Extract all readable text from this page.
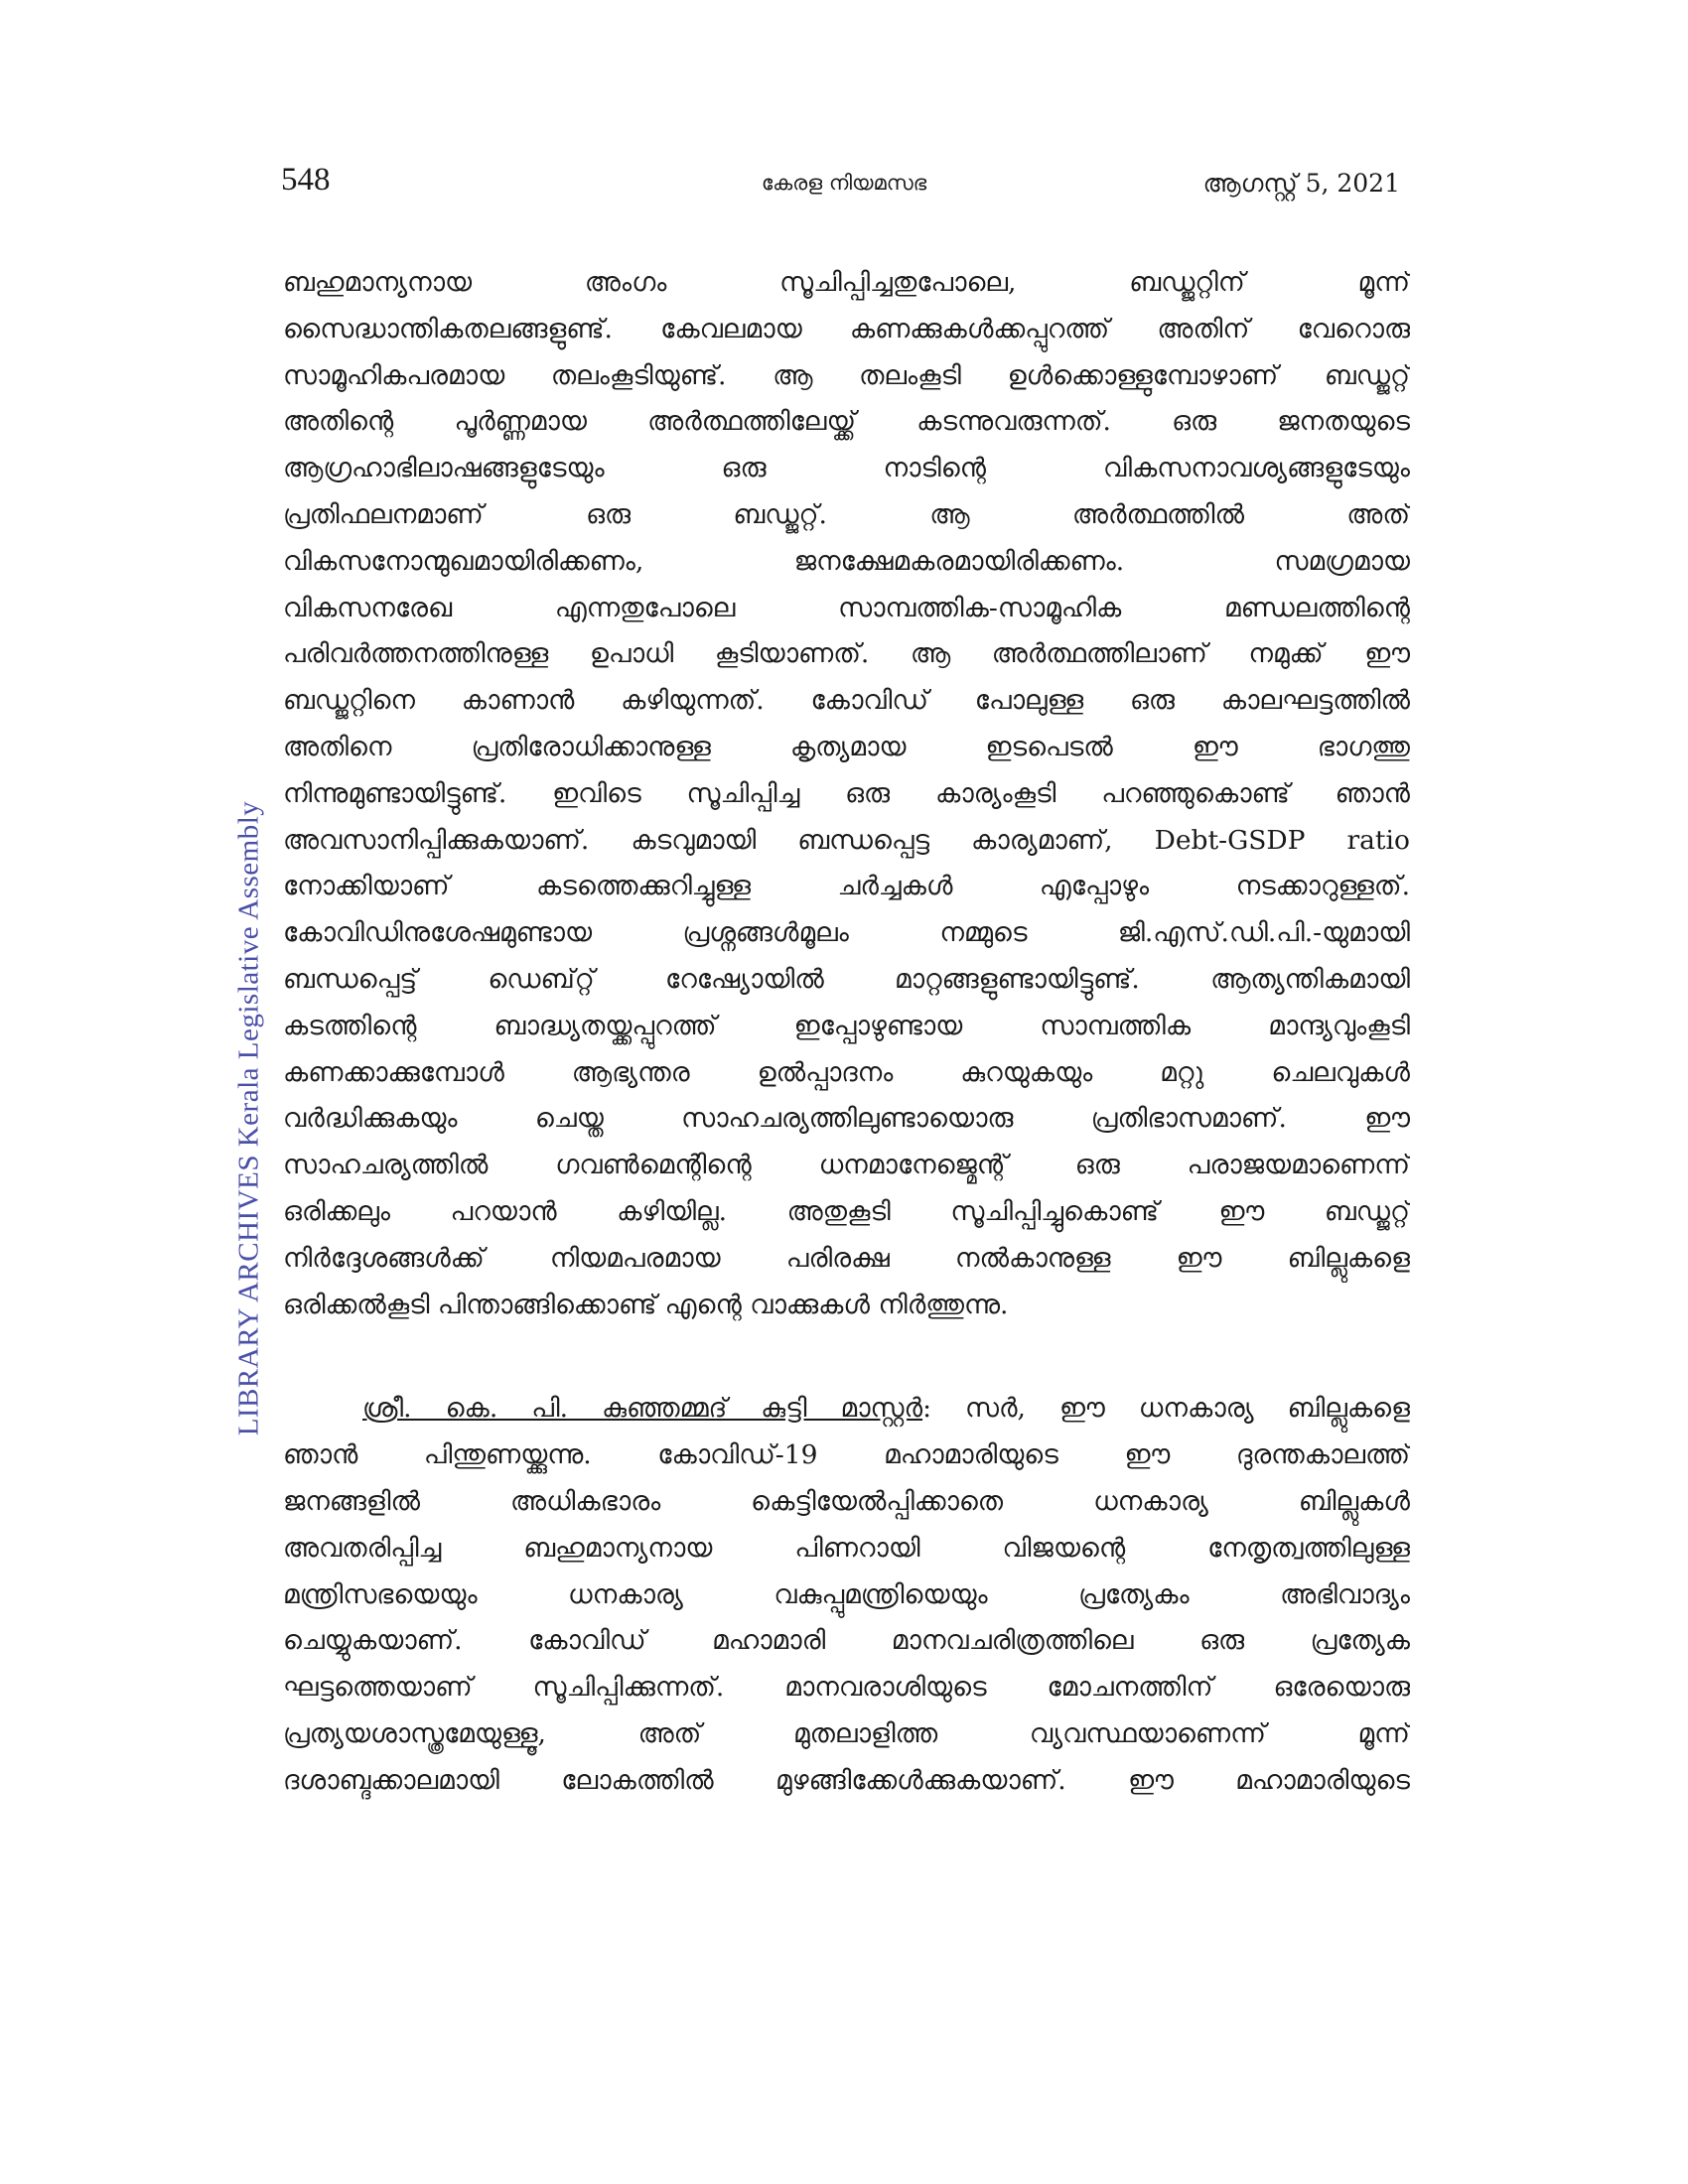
548	കേരള നിയമസഭ	ആഗസ്റ്റ് 5, 2021
LIBRARY ARCHIVES Kerala Legislative Assembly

ബഹുമാന്യനായ അംഗം സൂചിപ്പിച്ചതുപോലെ, ബഡ്ജറ്റിന് മൂന്ന്

സൈദ്ധാന്തികതലങ്ങളുണ്ട്. കേവലമായ കണക്കുകൾക്കപ്പുറത്ത് അതിന് വേറൊരു

സാമൂഹികപരമായ തലംകൂടിയുണ്ട്. ആ തലംകൂടി ഉൾക്കൊള്ളുമ്പോഴാണ് ബഡ്ജറ്റ്

അതിന്റെ പൂർണ്ണമായ അർത്ഥത്തിലേയ്ക്ക് കടന്നുവരുന്നത്. ഒരു ജനതയുടെ

ആഗ്രഹാഭിലാഷങ്ങളുടേയും ഒരു നാടിന്റെ വികസനാവശ്യങ്ങളുടേയും

പ്രതിഫലനമാണ് ഒരു ബഡ്ജറ്റ്. ആ അർത്ഥത്തിൽ അത്

വികസനോന്മുഖമായിരിക്കണം, ജനക്ഷേമകരമായിരിക്കണം. സമഗ്രമായ

വികസനരേഖ എന്നതുപോലെ സാമ്പത്തിക-സാമൂഹിക മണ്ഡലത്തിന്റെ

പരിവർത്തനത്തിനുള്ള ഉപാധി കൂടിയാണത്. ആ അർത്ഥത്തിലാണ് നമുക്ക് ഈ

ബഡ്ജറ്റിനെ കാണാൻ കഴിയുന്നത്. കോവിഡ് പോലുള്ള ഒരു കാലഘട്ടത്തിൽ

അതിനെ പ്രതിരോധിക്കാനുള്ള കൃത്യമായ ഇടപെടൽ ഈ ഭാഗത്തു

നിന്നുമുണ്ടായിട്ടുണ്ട്. ഇവിടെ സൂചിപ്പിച്ച ഒരു കാര്യംകൂടി പറഞ്ഞുകൊണ്ട് ഞാൻ

അവസാനിപ്പിക്കുകയാണ്. കടവുമായി ബന്ധപ്പെട്ട കാര്യമാണ്, Debt-GSDP ratio

നോക്കിയാണ് കടത്തെക്കുറിച്ചുള്ള ചർച്ചകൾ എപ്പോഴും നടക്കാറുള്ളത്.

കോവിഡിനുശേഷമുണ്ടായ പ്രശ്നങ്ങൾമൂലം നമ്മുടെ ജി.എസ്.ഡി.പി.-യുമായി

ബന്ധപ്പെട്ട് ഡെബ്റ്റ് റേഷ്യോയിൽ മാറ്റങ്ങളുണ്ടായിട്ടുണ്ട്. ആത്യന്തികമായി

കടത്തിന്റെ ബാദ്ധ്യതയ്ക്കപ്പുറത്ത് ഇപ്പോഴുണ്ടായ സാമ്പത്തിക മാന്ദ്യവുംകൂടി

കണക്കാക്കുമ്പോൾ ആഭ്യന്തര ഉൽപ്പാദനം കുറയുകയും മറ്റു ചെലവുകൾ

വർദ്ധിക്കുകയും ചെയ്ത സാഹചര്യത്തിലുണ്ടായൊരു പ്രതിഭാസമാണ്. ഈ

സാഹചര്യത്തിൽ ഗവൺമെന്റിന്റെ ധനമാനേജ്മെന്റ് ഒരു പരാജയമാണെന്ന്

ഒരിക്കലും പറയാൻ കഴിയില്ല. അതുകൂടി സൂചിപ്പിച്ചുകൊണ്ട് ഈ ബഡ്ജറ്റ്

നിർദ്ദേശങ്ങൾക്ക് നിയമപരമായ പരിരക്ഷ നൽകാനുള്ള ഈ ബില്ലുകളെ

ഒരിക്കൽകൂടി പിന്താങ്ങിക്കൊണ്ട് എന്റെ വാക്കുകൾ നിർത്തുന്നു.

ശ്രീ. കെ. പി. കുഞ്ഞമ്മദ് കുട്ടി മാസ്റ്റർ: സർ, ഈ ധനകാര്യ ബില്ലുകളെ

ഞാൻ പിന്തുണയ്ക്കുന്നു. കോവിഡ്-19 മഹാമാരിയുടെ ഈ ദുരന്തകാലത്ത്

ജനങ്ങളിൽ അധികഭാരം കെട്ടിയേൽപ്പിക്കാതെ ധനകാര്യ ബില്ലുകൾ

അവതരിപ്പിച്ച ബഹുമാന്യനായ പിണറായി വിജയന്റെ നേതൃത്വത്തിലുള്ള

മന്ത്രിസഭയെയും ധനകാര്യ വകുപ്പുമന്ത്രിയെയും പ്രത്യേകം അഭിവാദ്യം

ചെയ്യുകയാണ്. കോവിഡ് മഹാമാരി മാനവചരിത്രത്തിലെ ഒരു പ്രത്യേക

ഘട്ടത്തെയാണ് സൂചിപ്പിക്കുന്നത്. മാനവരാശിയുടെ മോചനത്തിന് ഒരേയൊരു

പ്രത്യയശാസ്ത്രമേയുള്ളൂ, അത് മുതലാളിത്ത വ്യവസ്ഥയാണെന്ന് മൂന്ന്

ദശാബ്ദക്കാലമായി ലോകത്തിൽ മുഴങ്ങിക്കേൾക്കുകയാണ്. ഈ മഹാമാരിയുടെ
